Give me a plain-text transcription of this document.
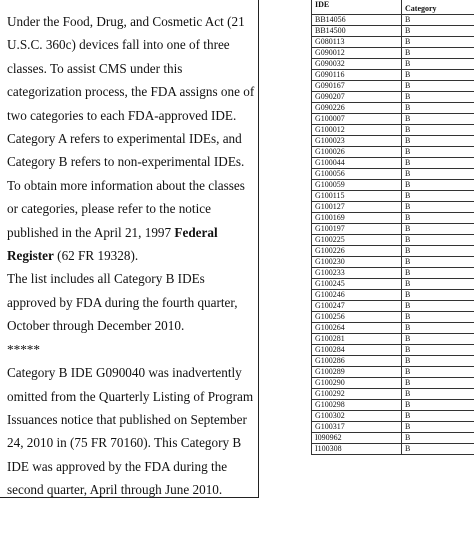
Under the Food, Drug, and Cosmetic Act (21 U.S.C. 360c) devices fall into one of three classes. To assist CMS under this categorization process, the FDA assigns one of two categories to each FDA-approved IDE. Category A refers to experimental IDEs, and Category B refers to non-experimental IDEs. To obtain more information about the classes or categories, please refer to the notice published in the April 21, 1997 Federal Register (62 FR 19328).

The list includes all Category B IDEs approved by FDA during the fourth quarter, October through December 2010.

*****

Category B IDE G090040 was inadvertently omitted from the Quarterly Listing of Program Issuances notice that published on September 24, 2010 in (75 FR 70160). This Category B IDE was approved by the FDA during the second quarter, April through June 2010.

IDE	Category
BB14056	B
BB14500	B
G080113	B
G090012	B
G090032	B
G090116	B
G090167	B
G090207	B
G090226	B
G100007	B
G100012	B
G100023	B
G100026	B
G100044	B
G100056	B
G100059	B
G100115	B
G100127	B
G100169	B
G100197	B
G100225	B
G100226	B
G100230	B
G100233	B
G100245	B
G100246	B
G100247	B
G100256	B
G100264	B
G100281	B
G100284	B
G100286	B
G100289	B
G100290	B
G100292	B
G100298	B
G100302	B
G100317	B
I090962	B
I100308	B
